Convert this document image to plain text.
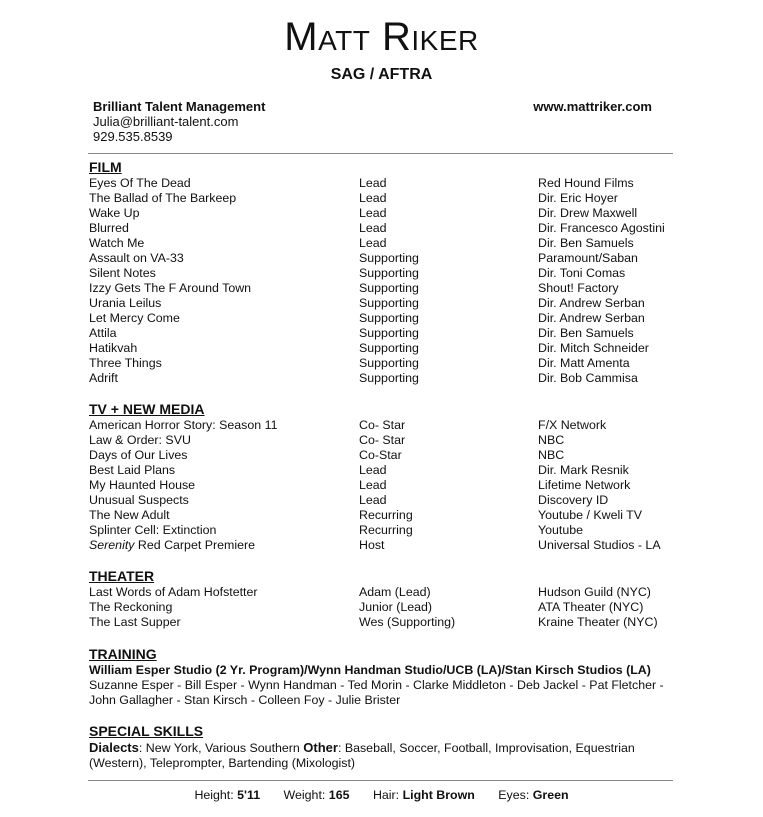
Matt Riker
SAG / AFTRA
Brilliant Talent Management
Julia@brilliant-talent.com
929.535.8539
www.mattriker.com
FILM
Eyes Of The Dead	Lead	Red Hound Films
The Ballad of The Barkeep	Lead	Dir. Eric Hoyer
Wake Up	Lead	Dir. Drew Maxwell
Blurred	Lead	Dir. Francesco Agostini
Watch Me	Lead	Dir. Ben Samuels
Assault on VA-33	Supporting	Paramount/Saban
Silent Notes	Supporting	Dir. Toni Comas
Izzy Gets The F Around Town	Supporting	Shout! Factory
Urania Leilus	Supporting	Dir. Andrew Serban
Let Mercy Come	Supporting	Dir. Andrew Serban
Attila	Supporting	Dir. Ben Samuels
Hatikvah	Supporting	Dir. Mitch Schneider
Three Things	Supporting	Dir. Matt Amenta
Adrift	Supporting	Dir. Bob Cammisa
TV + NEW MEDIA
American Horror Story: Season 11	Co- Star	F/X Network
Law & Order: SVU	Co- Star	NBC
Days of Our Lives	Co-Star	NBC
Best Laid Plans	Lead	Dir. Mark Resnik
My Haunted House	Lead	Lifetime Network
Unusual Suspects	Lead	Discovery ID
The New Adult	Recurring	Youtube / Kweli TV
Splinter Cell: Extinction	Recurring	Youtube
Serenity Red Carpet Premiere	Host	Universal Studios - LA
THEATER
Last Words of Adam Hofstetter	Adam (Lead)	Hudson Guild (NYC)
The Reckoning	Junior (Lead)	ATA Theater (NYC)
The Last Supper	Wes (Supporting)	Kraine Theater (NYC)
TRAINING
William Esper Studio (2 Yr. Program)/Wynn Handman Studio/UCB (LA)/Stan Kirsch Studios (LA)
Suzanne Esper - Bill Esper - Wynn Handman - Ted Morin - Clarke Middleton - Deb Jackel - Pat Fletcher - John Gallagher - Stan Kirsch - Colleen Foy - Julie Brister
SPECIAL SKILLS
Dialects: New York, Various Southern Other: Baseball, Soccer, Football, Improvisation, Equestrian (Western), Teleprompter, Bartending (Mixologist)
Height: 5'11 Weight: 165 Hair: Light Brown Eyes: Green
